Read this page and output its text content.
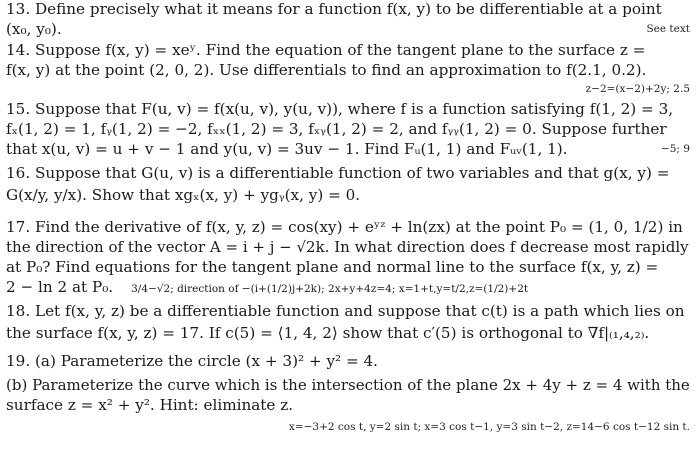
13. Define precisely what it means for a function f(x, y) to be differentiable at a point
(x₀, y₀).	See text
14. Suppose f(x, y) = xeʸ. Find the equation of the tangent plane to the surface z =
f(x, y) at the point (2, 0, 2). Use differentials to find an approximation to f(2.1, 0.2).
z−2=(x−2)+2y; 2.5
15. Suppose that F(u, v) = f(x(u, v), y(u, v)), where f is a function satisfying f(1, 2) = 3,
fₓ(1, 2) = 1, fᵧ(1, 2) = −2, fₓₓ(1, 2) = 3, fₓᵧ(1, 2) = 2, and fᵧᵧ(1, 2) = 0. Suppose further
that x(u, v) = u + v − 1 and y(u, v) = 3uv − 1. Find Fᵤ(1, 1) and Fᵤᵥ(1, 1).	−5; 9
16. Suppose that G(u, v) is a differentiable function of two variables and that g(x, y) =
G(x/y, y/x). Show that xgₓ(x, y) + ygᵧ(x, y) = 0.
17. Find the derivative of f(x, y, z) = cos(xy) + eʸᶻ + ln(zx) at the point P₀ = (1, 0, 1/2) in
the direction of the vector A = i + j − √2k. In what direction does f decrease most rapidly
at P₀? Find equations for the tangent plane and normal line to the surface f(x, y, z) =
2 − ln 2 at P₀. 3/4−√2; direction of −(i+(1/2)j+2k); 2x+y+4z=4; x=1+t,y=t/2,z=(1/2)+2t
18. Let f(x, y, z) be a differentiable function and suppose that c(t) is a path which lies on
the surface f(x, y, z) = 17. If c(5) = ⟨1, 4, 2⟩ show that c′(5) is orthogonal to ∇f|₍₁,₄,₂₎.
19. (a) Parameterize the circle (x + 3)² + y² = 4.
(b) Parameterize the curve which is the intersection of the plane 2x + 4y + z = 4 with the
surface z = x² + y². Hint: eliminate z.
x=−3+2 cos t, y=2 sin t; x=3 cos t−1, y=3 sin t−2, z=14−6 cos t−12 sin t.
